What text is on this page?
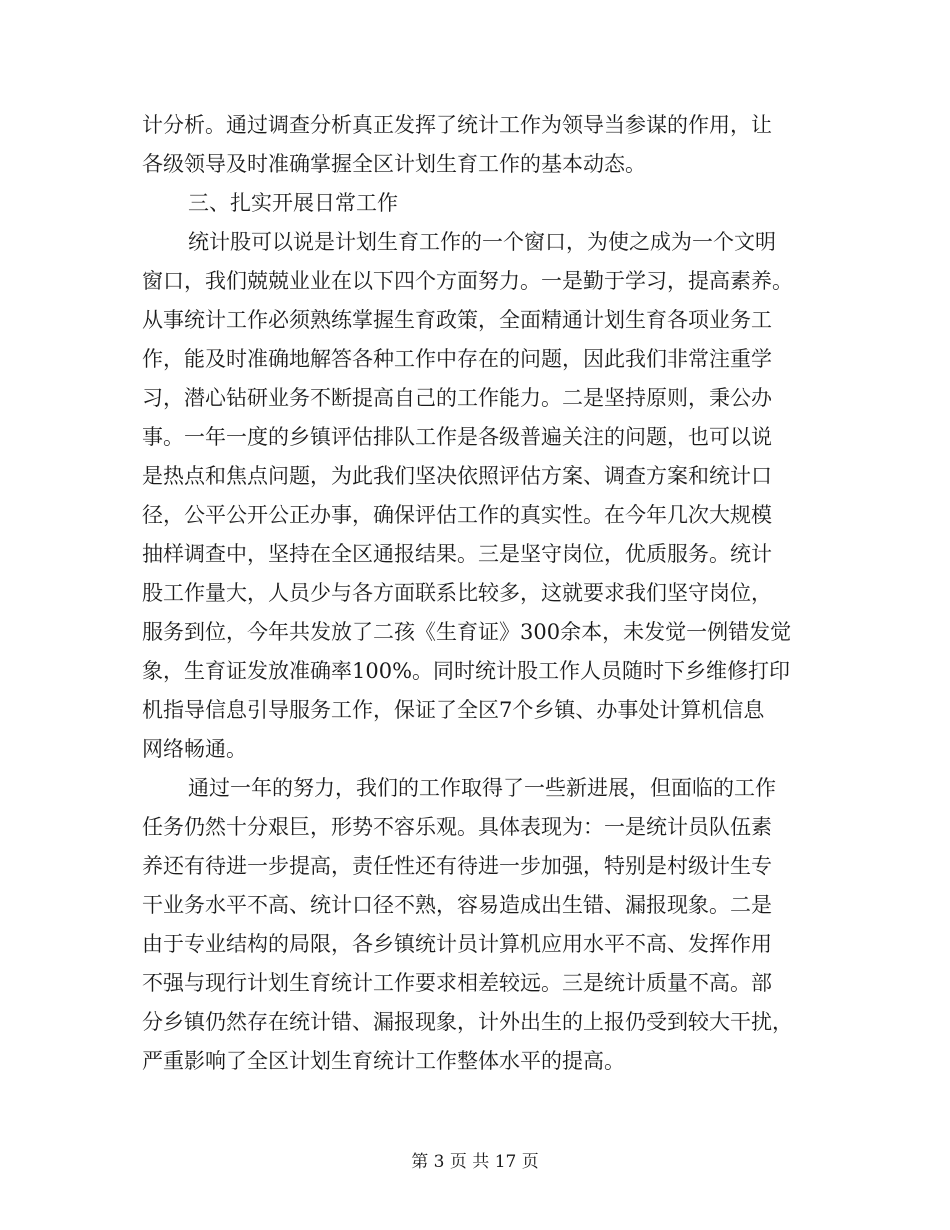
计分析。通过调查分析真正发挥了统计工作为领导当参谋的作用，让
各级领导及时准确掌握全区计划生育工作的基本动态。
三、扎实开展日常工作
统计股可以说是计划生育工作的一个窗口，为使之成为一个文明
窗口，我们兢兢业业在以下四个方面努力。一是勤于学习，提高素养。
从事统计工作必须熟练掌握生育政策，全面精通计划生育各项业务工
作，能及时准确地解答各种工作中存在的问题，因此我们非常注重学
习，潜心钻研业务不断提高自己的工作能力。二是坚持原则，秉公办
事。一年一度的乡镇评估排队工作是各级普遍关注的问题，也可以说
是热点和焦点问题，为此我们坚决依照评估方案、调查方案和统计口
径，公平公开公正办事，确保评估工作的真实性。在今年几次大规模
抽样调查中，坚持在全区通报结果。三是坚守岗位，优质服务。统计
股工作量大，人员少与各方面联系比较多，这就要求我们坚守岗位，
服务到位，今年共发放了二孩《生育证》300余本，未发觉一例错发觉
象，生育证发放准确率100%。同时统计股工作人员随时下乡维修打印
机指导信息引导服务工作，保证了全区7个乡镇、办事处计算机信息
网络畅通。
通过一年的努力，我们的工作取得了一些新进展，但面临的工作
任务仍然十分艰巨，形势不容乐观。具体表现为：一是统计员队伍素
养还有待进一步提高，责任性还有待进一步加强，特别是村级计生专
干业务水平不高、统计口径不熟，容易造成出生错、漏报现象。二是
由于专业结构的局限，各乡镇统计员计算机应用水平不高、发挥作用
不强与现行计划生育统计工作要求相差较远。三是统计质量不高。部
分乡镇仍然存在统计错、漏报现象，计外出生的上报仍受到较大干扰，
严重影响了全区计划生育统计工作整体水平的提高。
第 3 页 共 17 页
